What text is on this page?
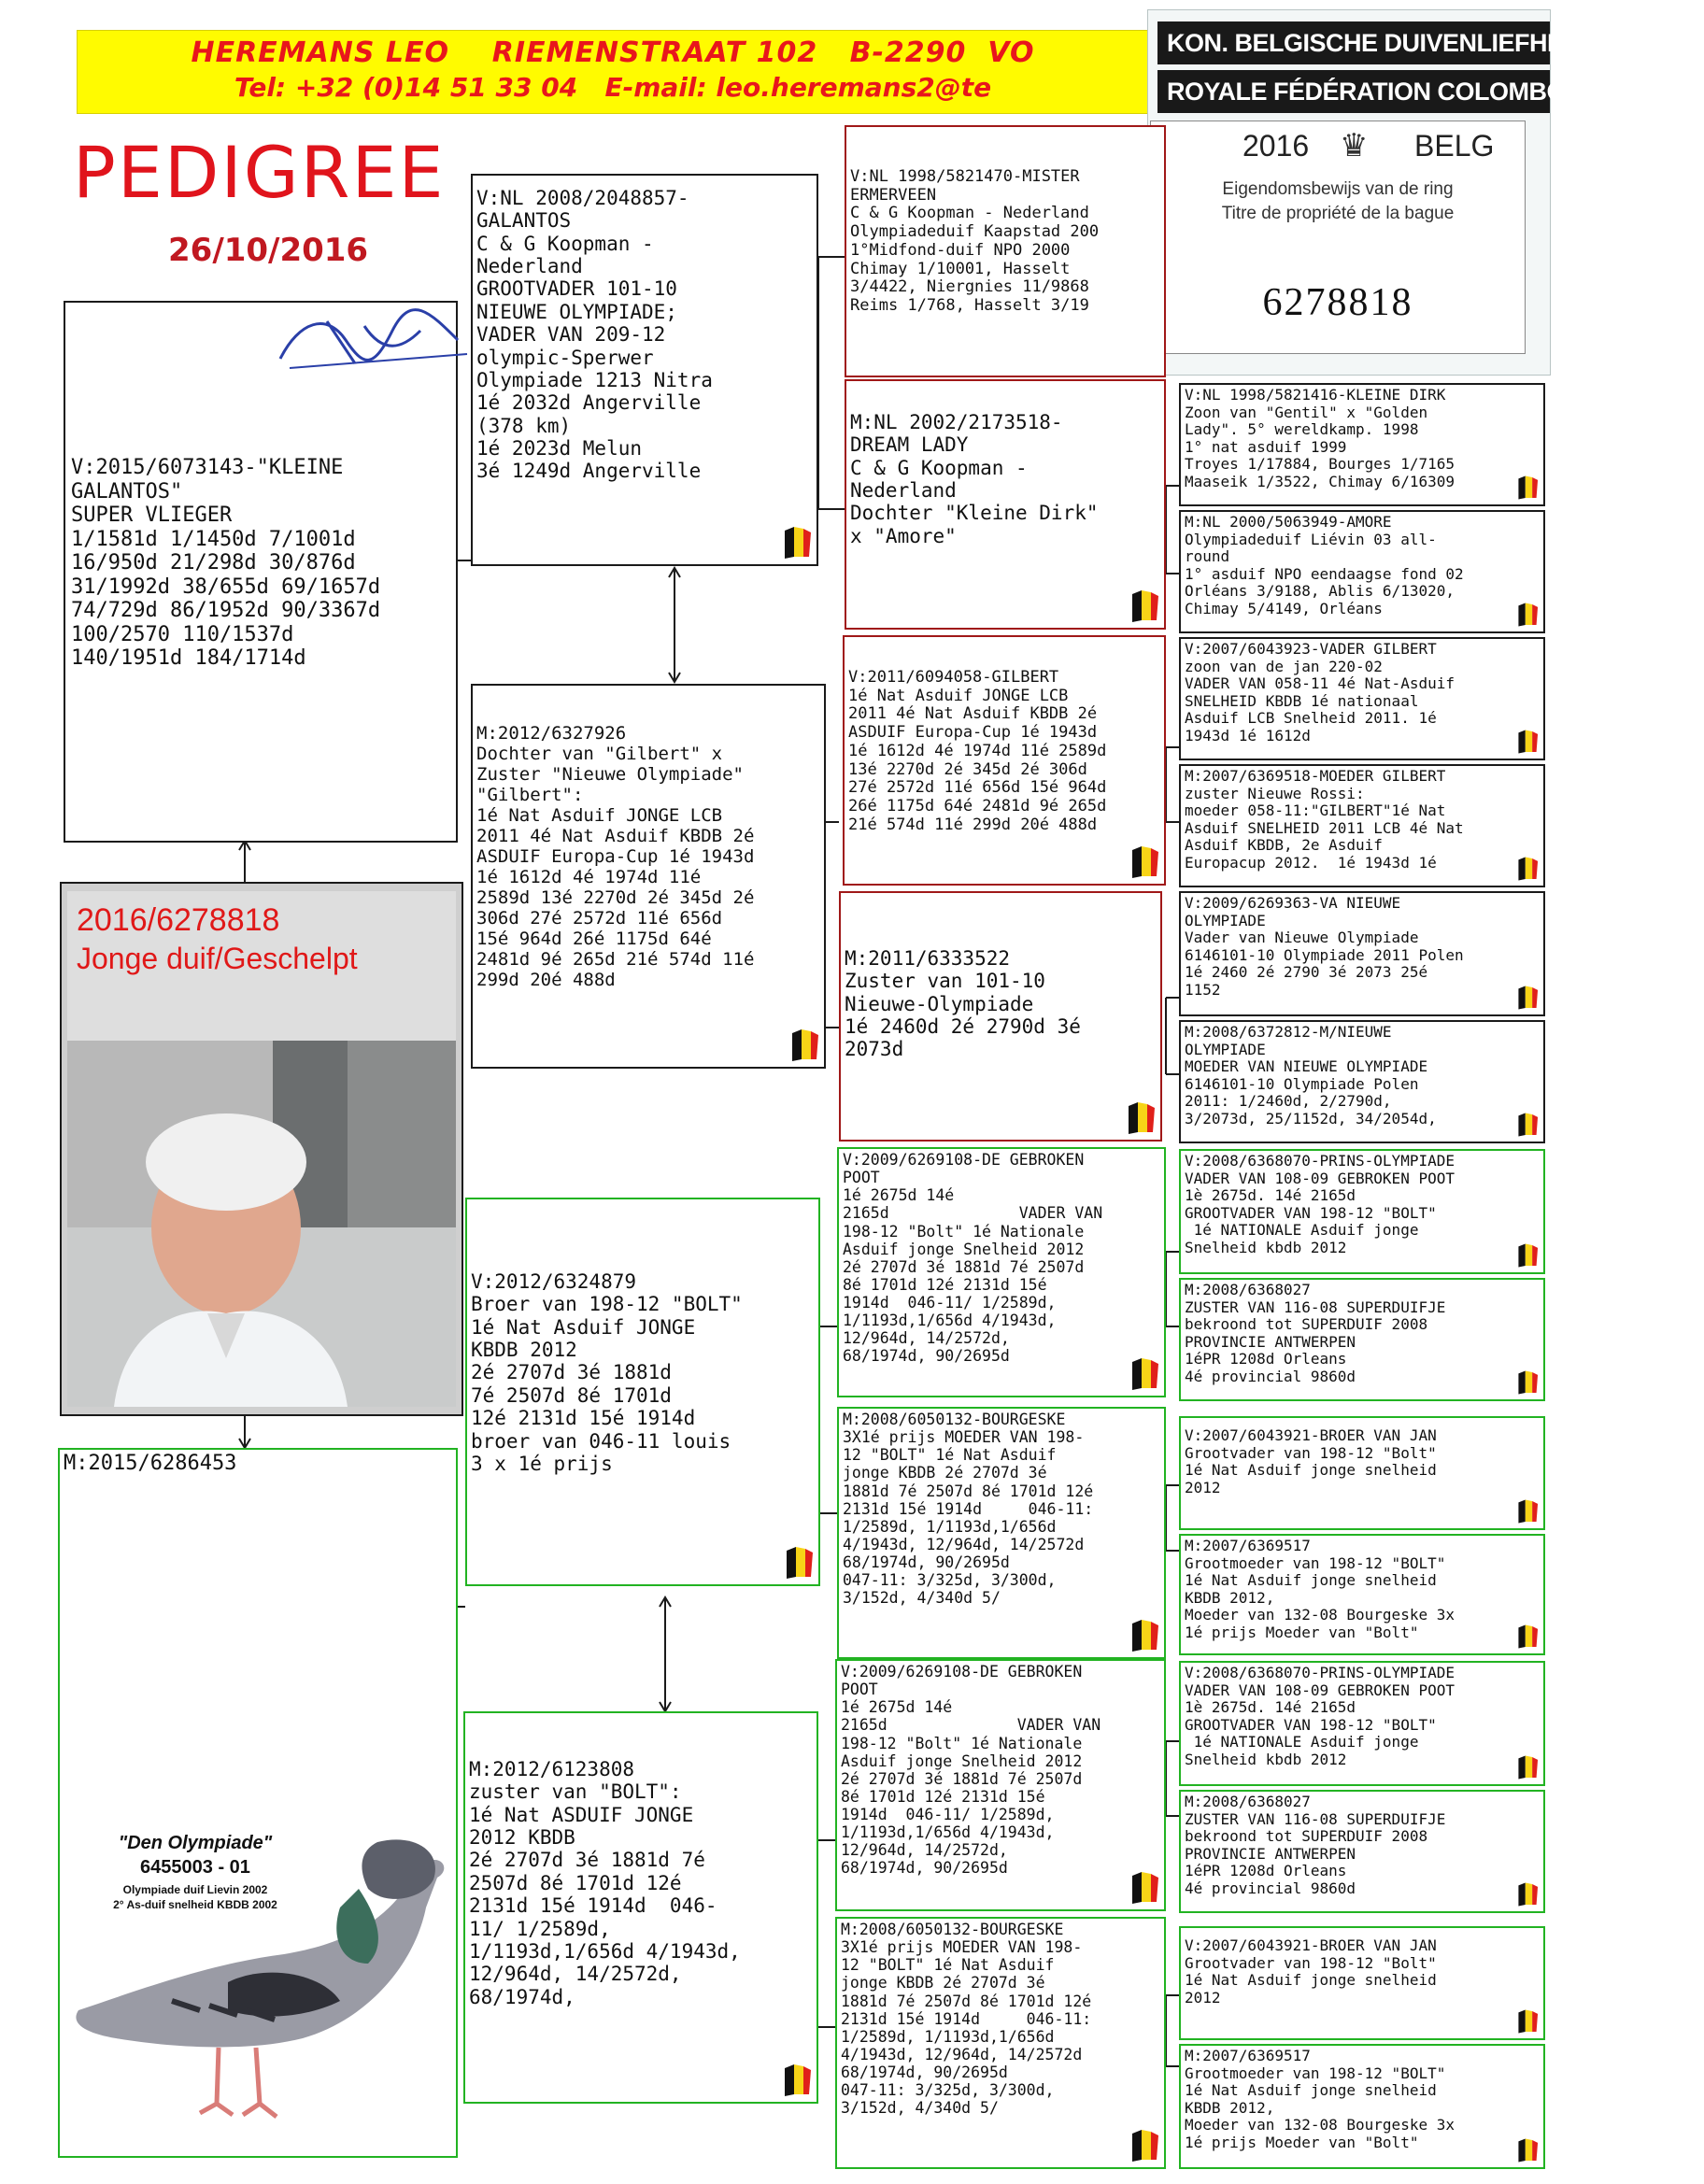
HEREMANS LEO    RIEMENSTRAAT 102   B-2290  VO
Tel: +32 (0)14 51 33 04   E-mail: leo.heremans2@te
KON. BELGISCHE DUIVENLIEFHEBBERSBON
ROYALE FÉDÉRATION COLOMBOPHILE BEL
2016 ♛ BELG
Eigendomsbewijs van de ring
Titre de propriété de la bague
6278818
PEDIGREE
26/10/2016
V:2015/6073143-"KLEINE
GALANTOS"
SUPER VLIEGER
1/1581d 1/1450d 7/1001d
16/950d 21/298d 30/876d
31/1992d 38/655d 69/1657d
74/729d 86/1952d 90/3367d
100/2570 110/1537d
140/1951d 184/1714d
2016/6278818
Jonge duif/Geschelpt
M:2015/6286453
"Den Olympiade"
6455003 - 01
Olympiade duif Lievin 2002
2° As-duif snelheid KBDB 2002
V:NL 2008/2048857-
GALANTOS
C & G Koopman -
Nederland
GROOTVADER 101-10
NIEUWE OLYMPIADE;
VADER VAN 209-12
olympic-Sperwer
Olympiade 1213 Nitra
1é 2032d Angerville
(378 km)
1é 2023d Melun
3é 1249d Angerville
M:2012/6327926
Dochter van "Gilbert" x
Zuster "Nieuwe Olympiade"
"Gilbert":
1é Nat Asduif JONGE LCB
2011 4é Nat Asduif KBDB 2é
ASDUIF Europa-Cup 1é 1943d
1é 1612d 4é 1974d 11é
2589d 13é 2270d 2é 345d 2é
306d 27é 2572d 11é 656d
15é 964d 26é 1175d 64é
2481d 9é 265d 21é 574d 11é
299d 20é 488d
V:2012/6324879
Broer van 198-12 "BOLT"
1é Nat Asduif JONGE
KBDB 2012
2é 2707d 3é 1881d
7é 2507d 8é 1701d
12é 2131d 15é 1914d
broer van 046-11 louis
3 x 1é prijs
M:2012/6123808
zuster van "BOLT":
1é Nat ASDUIF JONGE
2012 KBDB
2é 2707d 3é 1881d 7é
2507d 8é 1701d 12é
2131d 15é 1914d  046-
11/ 1/2589d,
1/1193d,1/656d 4/1943d,
12/964d, 14/2572d,
68/1974d,
V:NL 1998/5821470-MISTER
ERMERVEEN
C & G Koopman - Nederland
Olympiadeduif Kaapstad 200
1°Midfond-duif NPO 2000
Chimay 1/10001, Hasselt
3/4422, Niergnies 11/9868
Reims 1/768, Hasselt 3/19
M:NL 2002/2173518-
DREAM LADY
C & G Koopman -
Nederland
Dochter "Kleine Dirk"
x "Amore"
V:2011/6094058-GILBERT
1é Nat Asduif JONGE LCB
2011 4é Nat Asduif KBDB 2é
ASDUIF Europa-Cup 1é 1943d
1é 1612d 4é 1974d 11é 2589d
13é 2270d 2é 345d 2é 306d
27é 2572d 11é 656d 15é 964d
26é 1175d 64é 2481d 9é 265d
21é 574d 11é 299d 20é 488d
M:2011/6333522
Zuster van 101-10
Nieuwe-Olympiade
1é 2460d 2é 2790d 3é
2073d
V:2009/6269108-DE GEBROKEN
POOT
1é 2675d 14é
2165d              VADER VAN
198-12 "Bolt" 1é Nationale
Asduif jonge Snelheid 2012
2é 2707d 3é 1881d 7é 2507d
8é 1701d 12é 2131d 15é
1914d  046-11/ 1/2589d,
1/1193d,1/656d 4/1943d,
12/964d, 14/2572d,
68/1974d, 90/2695d
M:2008/6050132-BOURGESKE
3X1é prijs MOEDER VAN 198-
12 "BOLT" 1é Nat Asduif
jonge KBDB 2é 2707d 3é
1881d 7é 2507d 8é 1701d 12é
2131d 15é 1914d     046-11:
1/2589d, 1/1193d,1/656d
4/1943d, 12/964d, 14/2572d
68/1974d, 90/2695d
047-11: 3/325d, 3/300d,
3/152d, 4/340d 5/
V:2009/6269108-DE GEBROKEN
POOT
1é 2675d 14é
2165d              VADER VAN
198-12 "Bolt" 1é Nationale
Asduif jonge Snelheid 2012
2é 2707d 3é 1881d 7é 2507d
8é 1701d 12é 2131d 15é
1914d  046-11/ 1/2589d,
1/1193d,1/656d 4/1943d,
12/964d, 14/2572d,
68/1974d, 90/2695d
M:2008/6050132-BOURGESKE
3X1é prijs MOEDER VAN 198-
12 "BOLT" 1é Nat Asduif
jonge KBDB 2é 2707d 3é
1881d 7é 2507d 8é 1701d 12é
2131d 15é 1914d     046-11:
1/2589d, 1/1193d,1/656d
4/1943d, 12/964d, 14/2572d
68/1974d, 90/2695d
047-11: 3/325d, 3/300d,
3/152d, 4/340d 5/
V:NL 1998/5821416-KLEINE DIRK
Zoon van "Gentil" x "Golden
Lady". 5° wereldkamp. 1998
1° nat asduif 1999
Troyes 1/17884, Bourges 1/7165
Maaseik 1/3522, Chimay 6/16309
M:NL 2000/5063949-AMORE
Olympiadeduif Liévin 03 all-
round
1° asduif NPO eendaagse fond 02
Orléans 3/9188, Ablis 6/13020,
Chimay 5/4149, Orléans
V:2007/6043923-VADER GILBERT
zoon van de jan 220-02
VADER VAN 058-11 4é Nat-Asduif
SNELHEID KBDB 1é nationaal
Asduif LCB Snelheid 2011. 1é
1943d 1é 1612d
M:2007/6369518-MOEDER GILBERT
zuster Nieuwe Rossi:
moeder 058-11:"GILBERT"1é Nat
Asduif SNELHEID 2011 LCB 4é Nat
Asduif KBDB, 2e Asduif
Europacup 2012.  1é 1943d 1é
V:2009/6269363-VA NIEUWE
OLYMPIADE
Vader van Nieuwe Olympiade
6146101-10 Olympiade 2011 Polen
1é 2460 2é 2790 3é 2073 25é
1152
M:2008/6372812-M/NIEUWE
OLYMPIADE
MOEDER VAN NIEUWE OLYMPIADE
6146101-10 Olympiade Polen
2011: 1/2460d, 2/2790d,
3/2073d, 25/1152d, 34/2054d,
V:2008/6368070-PRINS-OLYMPIADE
VADER VAN 108-09 GEBROKEN POOT
1è 2675d. 14é 2165d
GROOTVADER VAN 198-12 "BOLT"
1é NATIONALE Asduif jonge
Snelheid kbdb 2012
M:2008/6368027
ZUSTER VAN 116-08 SUPERDUIFJE
bekroond tot SUPERDUIF 2008
PROVINCIE ANTWERPEN
1éPR 1208d Orleans
4é provincial 9860d
V:2007/6043921-BROER VAN JAN
Grootvader van 198-12 "Bolt"
1é Nat Asduif jonge snelheid
2012
M:2007/6369517
Grootmoeder van 198-12 "BOLT"
1é Nat Asduif jonge snelheid
KBDB 2012,
Moeder van 132-08 Bourgeske 3x
1é prijs Moeder van "Bolt"
V:2008/6368070-PRINS-OLYMPIADE
VADER VAN 108-09 GEBROKEN POOT
1è 2675d. 14é 2165d
GROOTVADER VAN 198-12 "BOLT"
1é NATIONALE Asduif jonge
Snelheid kbdb 2012
M:2008/6368027
ZUSTER VAN 116-08 SUPERDUIFJE
bekroond tot SUPERDUIF 2008
PROVINCIE ANTWERPEN
1éPR 1208d Orleans
4é provincial 9860d
V:2007/6043921-BROER VAN JAN
Grootvader van 198-12 "Bolt"
1é Nat Asduif jonge snelheid
2012
M:2007/6369517
Grootmoeder van 198-12 "BOLT"
1é Nat Asduif jonge snelheid
KBDB 2012,
Moeder van 132-08 Bourgeske 3x
1é prijs Moeder van "Bolt"
